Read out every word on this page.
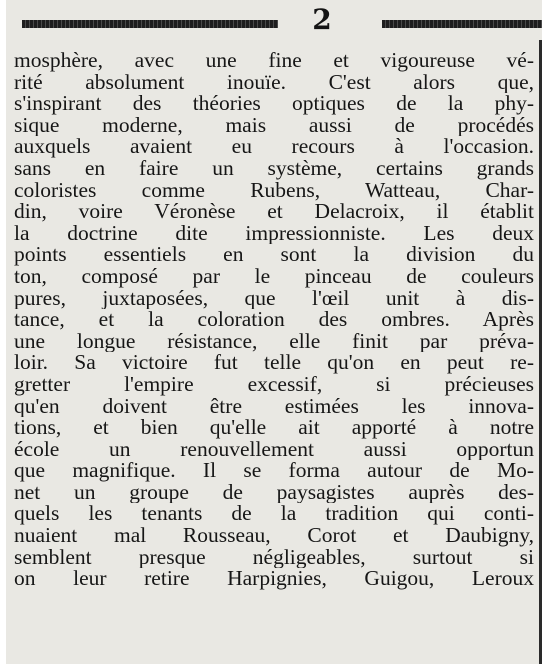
2
mosphère, avec une fine et vigoureuse vé-
rité absolument inouïe. C'est alors que,
s'inspirant des théories optiques de la phy-
sique moderne, mais aussi de procédés
auxquels avaient eu recours à l'occasion.
sans en faire un système, certains grands
coloristes comme Rubens, Watteau, Char-
din, voire Véronèse et Delacroix, il établit
la doctrine dite impressionniste. Les deux
points essentiels en sont la division du
ton, composé par le pinceau de couleurs
pures, juxtaposées, que l'œil unit à dis-
tance, et la coloration des ombres. Après
une longue résistance, elle finit par préva-
loir. Sa victoire fut telle qu'on en peut re-
gretter l'empire excessif, si précieuses
qu'en doivent être estimées les innova-
tions, et bien qu'elle ait apporté à notre
école un renouvellement aussi opportun
que magnifique. Il se forma autour de Mo-
net un groupe de paysagistes auprès des-
quels les tenants de la tradition qui conti-
nuaient mal Rousseau, Corot et Daubigny,
semblent presque négligeables, surtout si
on leur retire Harpignies, Guigou, Leroux
